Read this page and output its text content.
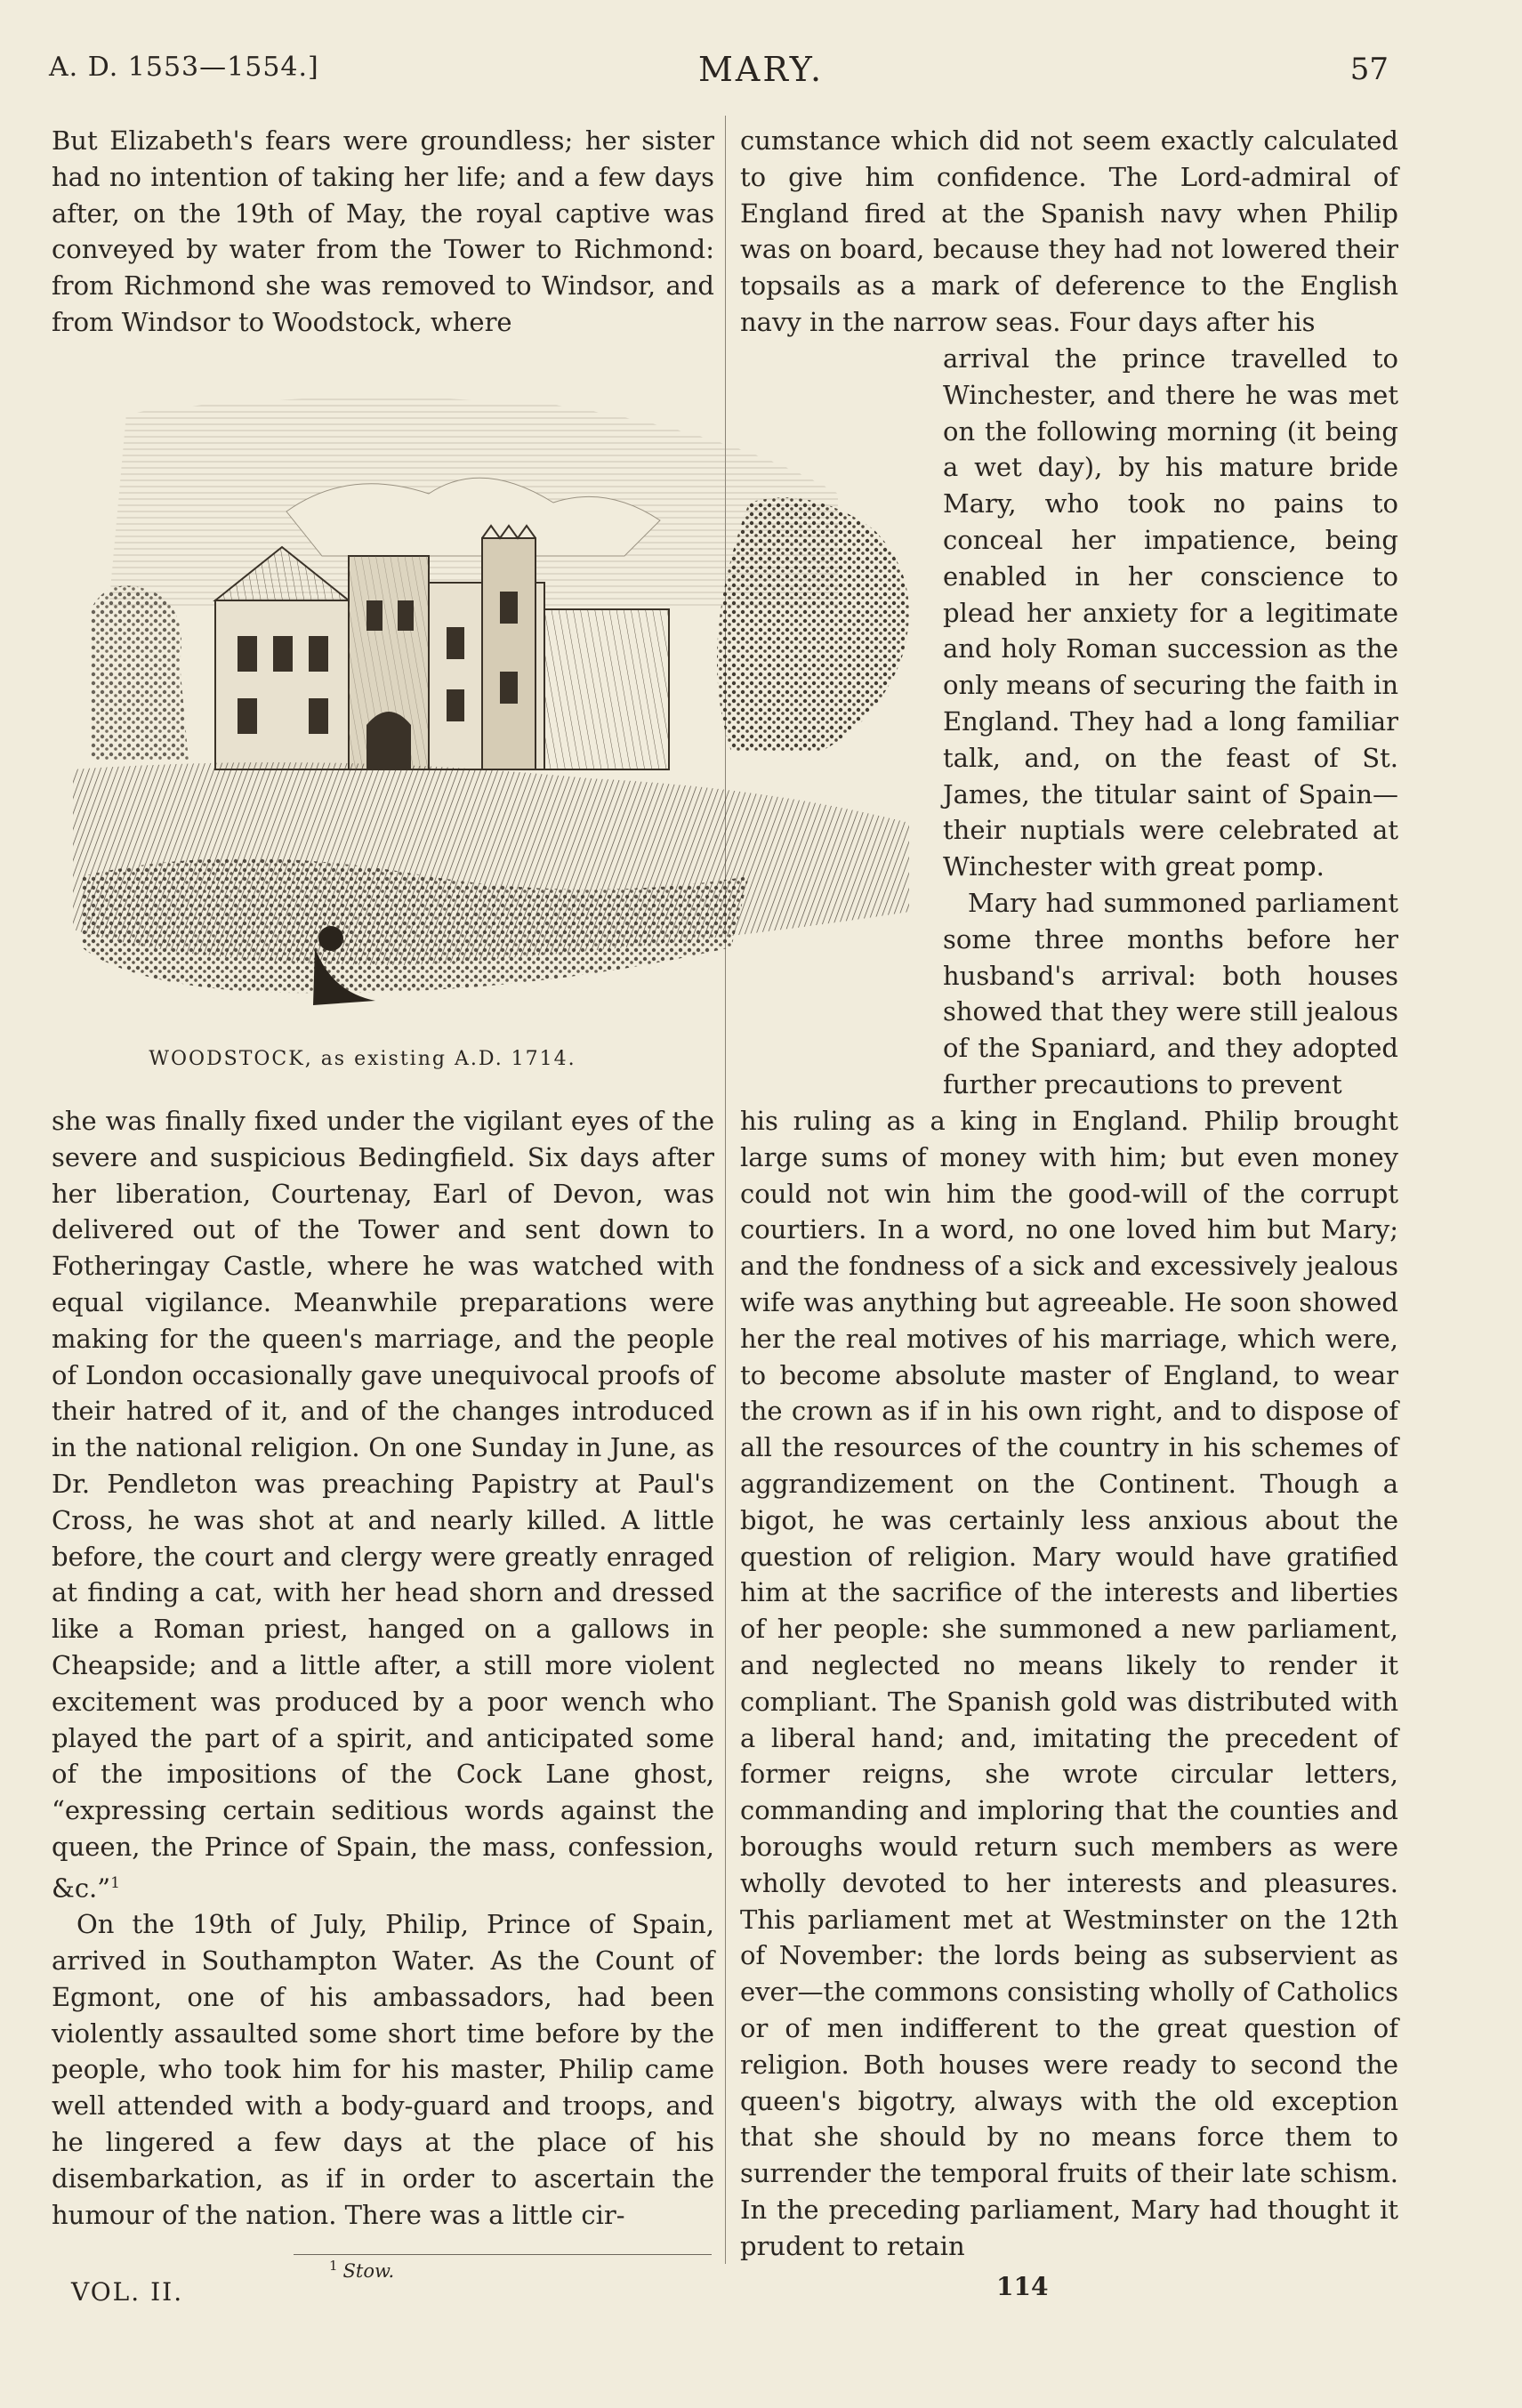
A. D. 1553—1554.]	MARY.	57

But Elizabeth's fears were groundless; her sister had no intention of taking her life; and a few days after, on the 19th of May, the royal captive was conveyed by water from the Tower to Richmond: from Richmond she was removed to Windsor, and from Windsor to Woodstock, where

WOODSTOCK, as existing A.D. 1714.

cumstance which did not seem exactly calculated to give him confidence. The Lord-admiral of England fired at the Spanish navy when Philip was on board, because they had not lowered their topsails as a mark of deference to the English navy in the narrow seas. Four days after his

arrival the prince travelled to Winchester, and there he was met on the following morning (it being a wet day), by his mature bride Mary, who took no pains to conceal her impatience, being enabled in her conscience to plead her anxiety for a legitimate and holy Roman succession as the only means of securing the faith in England. They had a long familiar talk, and, on the feast of St. James, the titular saint of Spain—their nuptials were celebrated at Winchester with great pomp.

Mary had summoned parliament some three months before her husband's arrival: both houses showed that they were still jealous of the Spaniard, and they adopted further precautions to prevent

she was finally fixed under the vigilant eyes of the severe and suspicious Bedingfield. Six days after her liberation, Courtenay, Earl of Devon, was delivered out of the Tower and sent down to Fotheringay Castle, where he was watched with equal vigilance. Meanwhile preparations were making for the queen's marriage, and the people of London occasionally gave unequivocal proofs of their hatred of it, and of the changes introduced in the national religion. On one Sunday in June, as Dr. Pendleton was preaching Papistry at Paul's Cross, he was shot at and nearly killed. A little before, the court and clergy were greatly enraged at finding a cat, with her head shorn and dressed like a Roman priest, hanged on a gallows in Cheapside; and a little after, a still more violent excitement was produced by a poor wench who played the part of a spirit, and anticipated some of the impositions of the Cock Lane ghost, “expressing certain seditious words against the queen, the Prince of Spain, the mass, confession, &c.”$^1$

On the 19th of July, Philip, Prince of Spain, arrived in Southampton Water. As the Count of Egmont, one of his ambassadors, had been violently assaulted some short time before by the people, who took him for his master, Philip came well attended with a body-guard and troops, and he lingered a few days at the place of his disembarkation, as if in order to ascertain the humour of the nation. There was a little cir-

his ruling as a king in England. Philip brought large sums of money with him; but even money could not win him the good-will of the corrupt courtiers. In a word, no one loved him but Mary; and the fondness of a sick and excessively jealous wife was anything but agreeable. He soon showed her the real motives of his marriage, which were, to become absolute master of England, to wear the crown as if in his own right, and to dispose of all the resources of the country in his schemes of aggrandizement on the Continent. Though a bigot, he was certainly less anxious about the question of religion. Mary would have gratified him at the sacrifice of the interests and liberties of her people: she summoned a new parliament, and neglected no means likely to render it compliant. The Spanish gold was distributed with a liberal hand; and, imitating the precedent of former reigns, she wrote circular letters, commanding and imploring that the counties and boroughs would return such members as were wholly devoted to her interests and pleasures. This parliament met at Westminster on the 12th of November: the lords being as subservient as ever—the commons consisting wholly of Catholics or of men indifferent to the great question of religion. Both houses were ready to second the queen's bigotry, always with the old exception that she should by no means force them to surrender the temporal fruits of their late schism. In the preceding parliament, Mary had thought it prudent to retain

$^1$ Stow.
VOL. II.	114
